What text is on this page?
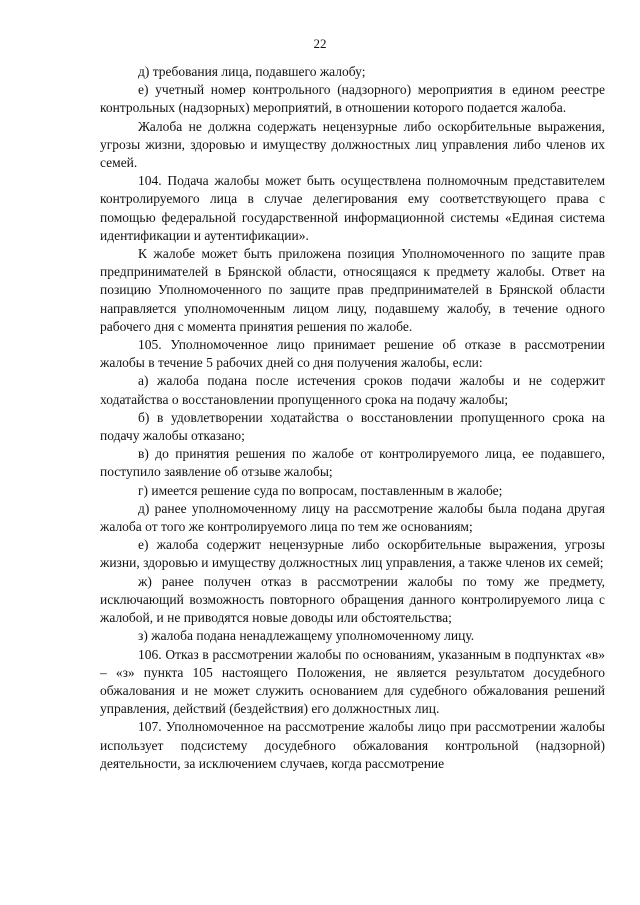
22

д) требования лица, подавшего жалобу;

е) учетный номер контрольного (надзорного) мероприятия в едином реестре контрольных (надзорных) мероприятий, в отношении которого подается жалоба.

Жалоба не должна содержать нецензурные либо оскорбительные выражения, угрозы жизни, здоровью и имуществу должностных лиц управления либо членов их семей.

104. Подача жалобы может быть осуществлена полномочным представителем контролируемого лица в случае делегирования ему соответствующего права с помощью федеральной государственной информационной системы «Единая система идентификации и аутентификации».

К жалобе может быть приложена позиция Уполномоченного по защите прав предпринимателей в Брянской области, относящаяся к предмету жалобы. Ответ на позицию Уполномоченного по защите прав предпринимателей в Брянской области направляется уполномоченным лицом лицу, подавшему жалобу, в течение одного рабочего дня с момента принятия решения по жалобе.

105. Уполномоченное лицо принимает решение об отказе в рассмотрении жалобы в течение 5 рабочих дней со дня получения жалобы, если:

а) жалоба подана после истечения сроков подачи жалобы и не содержит ходатайства о восстановлении пропущенного срока на подачу жалобы;

б) в удовлетворении ходатайства о восстановлении пропущенного срока на подачу жалобы отказано;

в) до принятия решения по жалобе от контролируемого лица, ее подавшего, поступило заявление об отзыве жалобы;

г) имеется решение суда по вопросам, поставленным в жалобе;

д) ранее уполномоченному лицу на рассмотрение жалобы была подана другая жалоба от того же контролируемого лица по тем же основаниям;

е) жалоба содержит нецензурные либо оскорбительные выражения, угрозы жизни, здоровью и имуществу должностных лиц управления, а также членов их семей;

ж) ранее получен отказ в рассмотрении жалобы по тому же предмету, исключающий возможность повторного обращения данного контролируемого лица с жалобой, и не приводятся новые доводы или обстоятельства;

з) жалоба подана ненадлежащему уполномоченному лицу.

106. Отказ в рассмотрении жалобы по основаниям, указанным в подпунктах «в» – «з» пункта 105 настоящего Положения, не является результатом досудебного обжалования и не может служить основанием для судебного обжалования решений управления, действий (бездействия) его должностных лиц.

107. Уполномоченное на рассмотрение жалобы лицо при рассмотрении жалобы использует подсистему досудебного обжалования контрольной (надзорной) деятельности, за исключением случаев, когда рассмотрение
